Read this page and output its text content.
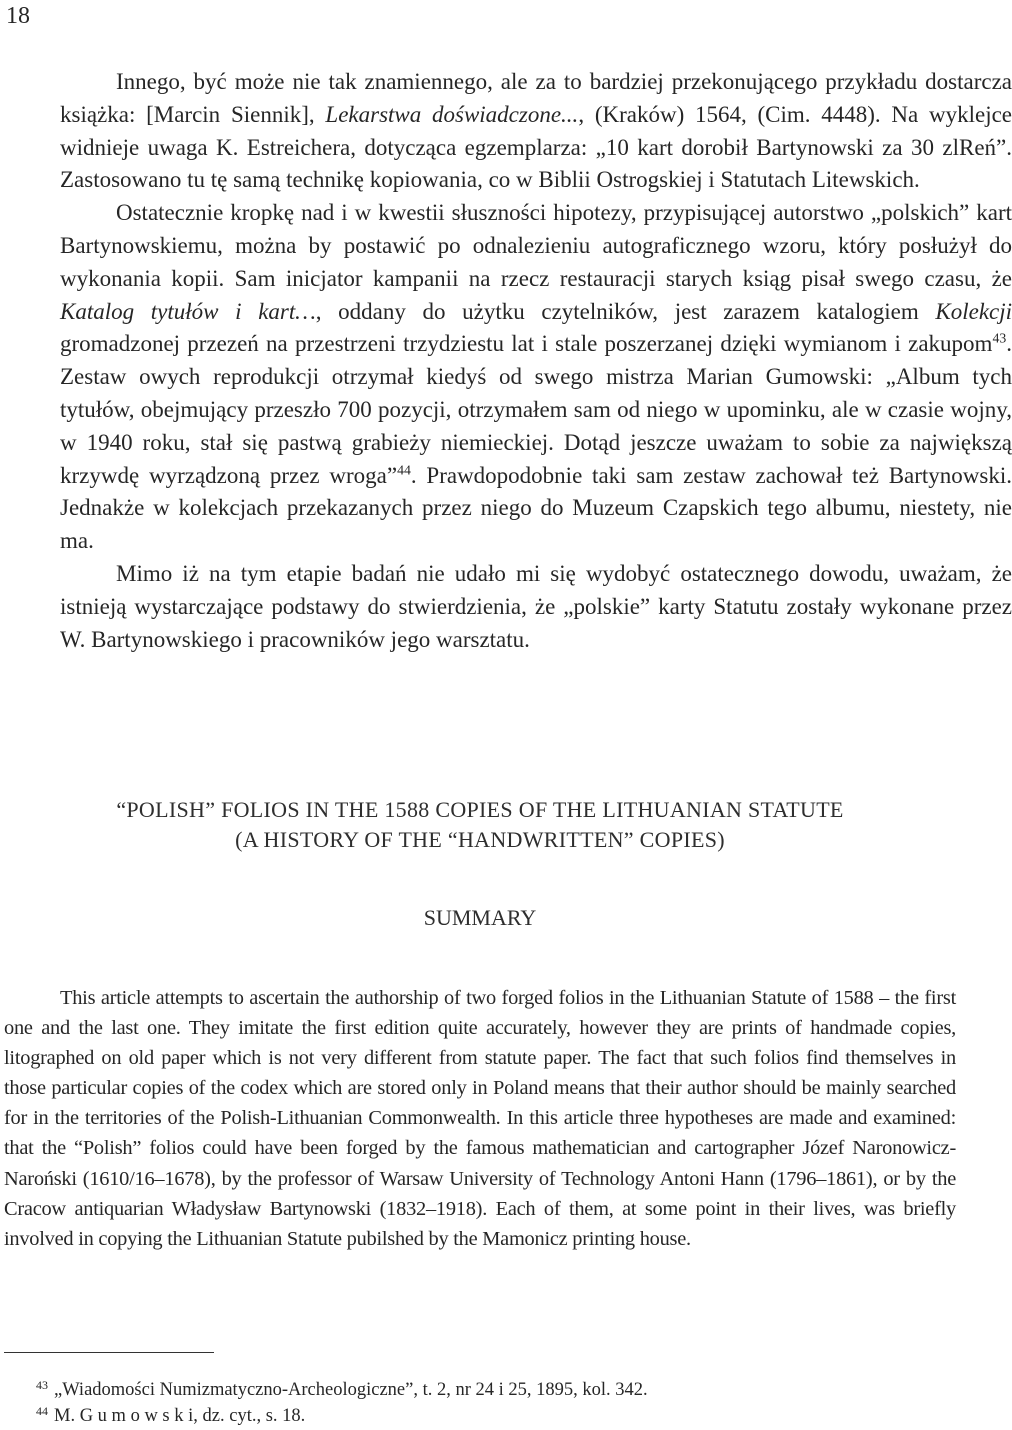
18

Innego, być może nie tak znamiennego, ale za to bardziej przekonującego przykładu dostarcza książka: [Marcin Siennik], Lekarstwa doświadczone..., (Kraków) 1564, (Cim. 4448). Na wyklejce widnieje uwaga K. Estreichera, dotycząca egzemplarza: „10 kart dorobił Bartynowski za 30 zlReń”. Zastosowano tu tę samą technikę kopiowania, co w Biblii Ostrogskiej i Statutach Litewskich.

Ostatecznie kropkę nad i w kwestii słuszności hipotezy, przypisującej autorstwo „polskich” kart Bartynowskiemu, można by postawić po odnalezieniu autograficznego wzoru, który posłużył do wykonania kopii. Sam inicjator kampanii na rzecz restauracji starych ksiąg pisał swego czasu, że Katalog tytułów i kart…, oddany do użytku czytelników, jest zarazem katalogiem Kolekcji gromadzonej przezeń na przestrzeni trzydziestu lat i stale poszerzanej dzięki wymianom i zakupom$^{43}$. Zestaw owych reprodukcji otrzymał kiedyś od swego mistrza Marian Gumowski: „Album tych tytułów, obejmujący przeszło 700 pozycji, otrzymałem sam od niego w upominku, ale w czasie wojny, w 1940 roku, stał się pastwą grabieży niemieckiej. Dotąd jeszcze uważam to sobie za największą krzywdę wyrządzoną przez wroga”$^{44}$. Prawdopodobnie taki sam zestaw zachował też Bartynowski. Jednakże w kolekcjach przekazanych przez niego do Muzeum Czapskich tego albumu, niestety, nie ma.

Mimo iż na tym etapie badań nie udało mi się wydobyć ostatecznego dowodu, uważam, że istnieją wystarczające podstawy do stwierdzienia, że „polskie” karty Statutu zostały wykonane przez W. Bartynowskiego i pracowników jego warsztatu.

“POLISH” FOLIOS IN THE 1588 COPIES OF THE LITHUANIAN STATUTE
(A HISTORY OF THE “HANDWRITTEN” COPIES)
SUMMARY

This article attempts to ascertain the authorship of two forged folios in the Lithuanian Statute of 1588 – the first one and the last one. They imitate the first edition quite accurately, however they are prints of handmade copies, litographed on old paper which is not very different from statute paper. The fact that such folios find themselves in those particular copies of the codex which are stored only in Poland means that their author should be mainly searched for in the territories of the Polish-Lithuanian Commonwealth. In this article three hypotheses are made and examined: that the “Polish” folios could have been forged by the famous mathematician and cartographer Józef Naronowicz-Naroński (1610/16–1678), by the professor of Warsaw University of Technology Antoni Hann (1796–1861), or by the Cracow antiquarian Władysław Bartynowski (1832–1918). Each of them, at some point in their lives, was briefly involved in copying the Lithuanian Statute pubilshed by the Mamonicz printing house.

$^{43}$ „Wiadomości Numizmatyczno-Archeologiczne”, t. 2, nr 24 i 25, 1895, kol. 342.

$^{44}$ M. G u m o w s k i, dz. cyt., s. 18.
